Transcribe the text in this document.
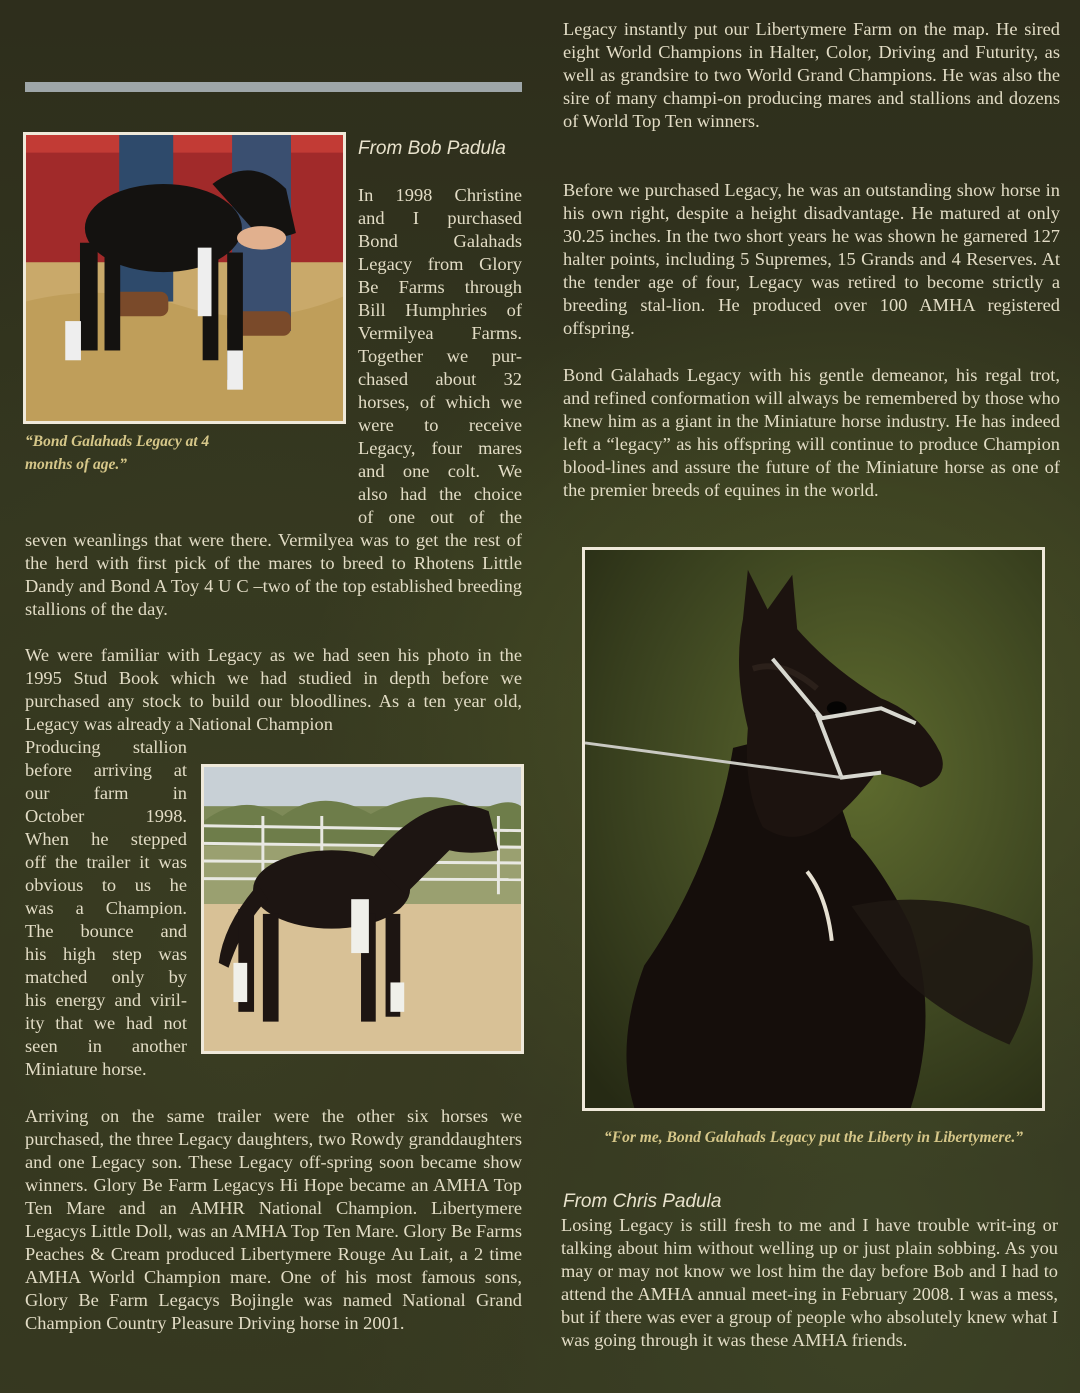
“Bond Galahads Legacy at 4 months of age.”
From Bob Padula
In 1998 Christine
and I purchased
Bond Galahads
Legacy from Glory
Be Farms through
Bill Humphries of
Vermilyea Farms.
Together we pur-
chased about 32
horses, of which we
were to receive
Legacy, four mares
and one colt. We
also had the choice
of one out of the

seven weanlings that were there. Vermilyea was to get the rest of the herd with first pick of the mares to breed to Rhotens Little Dandy and Bond A Toy 4 U C –two of the top established breeding stallions of the day.

We were familiar with Legacy as we had seen his photo in the 1995 Stud Book which we had studied in depth before we purchased any stock to build our bloodlines. As a ten year old, Legacy was already a National Champion

Producing stallion
before arriving at
our farm in
October 1998.
When he stepped
off the trailer it was
obvious to us he
was a Champion.
The bounce and
his high step was
matched only by
his energy and viril-
ity that we had not
seen in another
Miniature horse.

Arriving on the same trailer were the other six horses we purchased, the three Legacy daughters, two Rowdy granddaughters and one Legacy son. These Legacy off-spring soon became show winners. Glory Be Farm Legacys Hi Hope became an AMHA Top Ten Mare and an AMHR National Champion. Libertymere Legacys Little Doll, was an AMHA Top Ten Mare. Glory Be Farms Peaches & Cream produced Libertymere Rouge Au Lait, a 2 time AMHA World Champion mare. One of his most famous sons, Glory Be Farm Legacys Bojingle was named National Grand Champion Country Pleasure Driving horse in 2001.

Legacy instantly put our Libertymere Farm on the map. He sired eight World Champions in Halter, Color, Driving and Futurity, as well as grandsire to two World Grand Champions. He was also the sire of many champi-on producing mares and stallions and dozens of World Top Ten winners.

Before we purchased Legacy, he was an outstanding show horse in his own right, despite a height disadvantage. He matured at only 30.25 inches. In the two short years he was shown he garnered 127 halter points, including 5 Supremes, 15 Grands and 4 Reserves. At the tender age of four, Legacy was retired to become strictly a breeding stal-lion. He produced over 100 AMHA registered offspring.

Bond Galahads Legacy with his gentle demeanor, his regal trot, and refined conformation will always be remembered by those who knew him as a giant in the Miniature horse industry. He has indeed left a “legacy” as his offspring will continue to produce Champion blood-lines and assure the future of the Miniature horse as one of the premier breeds of equines in the world.

“For me, Bond Galahads Legacy put the Liberty in Libertymere.”
From Chris Padula

Losing Legacy is still fresh to me and I have trouble writ-ing or talking about him without welling up or just plain sobbing. As you may or may not know we lost him the day before Bob and I had to attend the AMHA annual meet-ing in February 2008. I was a mess, but if there was ever a group of people who absolutely knew what I was going through it was these AMHA friends.
